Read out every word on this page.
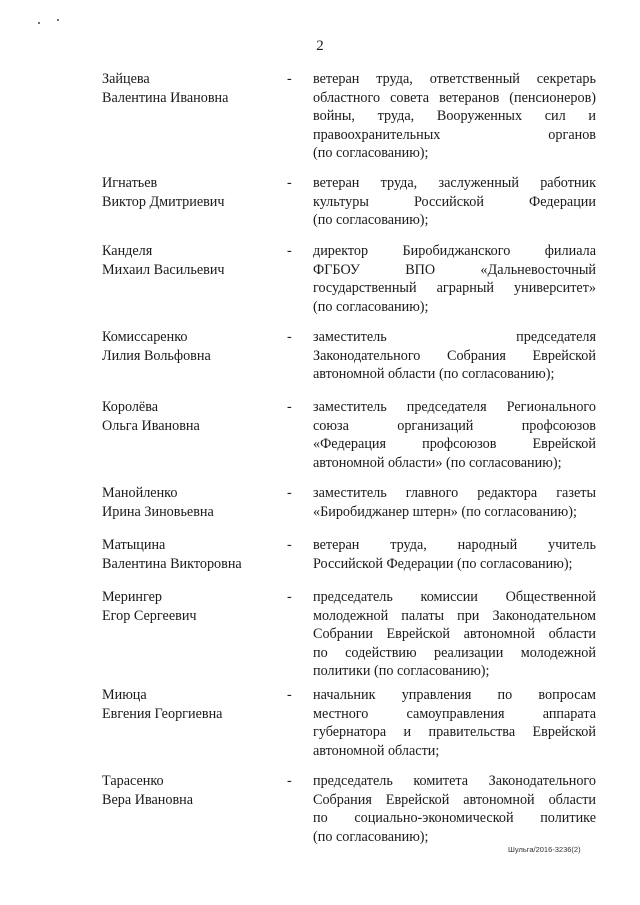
2
Зайцева
Валентина Ивановна
- ветеран труда, ответственный секретарь
областного совета ветеранов (пенсионеров)
войны, труда, Вооруженных сил и
правоохранительных органов
(по согласованию);
Игнатьев
Виктор Дмитриевич
- ветеран труда, заслуженный работник
культуры Российской Федерации
(по согласованию);
Канделя
Михаил Васильевич
- директор Биробиджанского филиала
ФГБОУ ВПО «Дальневосточный
государственный аграрный университет»
(по согласованию);
Комиссаренко
Лилия Вольфовна
- заместитель председателя
Законодательного Собрания Еврейской
автономной области (по согласованию);
Королёва
Ольга Ивановна
- заместитель председателя Регионального
союза организаций профсоюзов
«Федерация профсоюзов Еврейской
автономной области» (по согласованию);
Манойленко
Ирина Зиновьевна
- заместитель главного редактора газеты
«Биробиджанер штерн» (по согласованию);
Матыцина
Валентина Викторовна
- ветеран труда, народный учитель
Российской Федерации (по согласованию);
Мерингер
Егор Сергеевич
- председатель комиссии Общественной
молодежной палаты при Законодательном
Собрании Еврейской автономной области
по содействию реализации молодежной
политики (по согласованию);
Миюца
Евгения Георгиевна
- начальник управления по вопросам
местного самоуправления аппарата
губернатора и правительства Еврейской
автономной области;
Тарасенко
Вера Ивановна
- председатель комитета Законодательного
Собрания Еврейской автономной области
по социально-экономической политике
(по согласованию);
Шульга/2016-3236(2)
